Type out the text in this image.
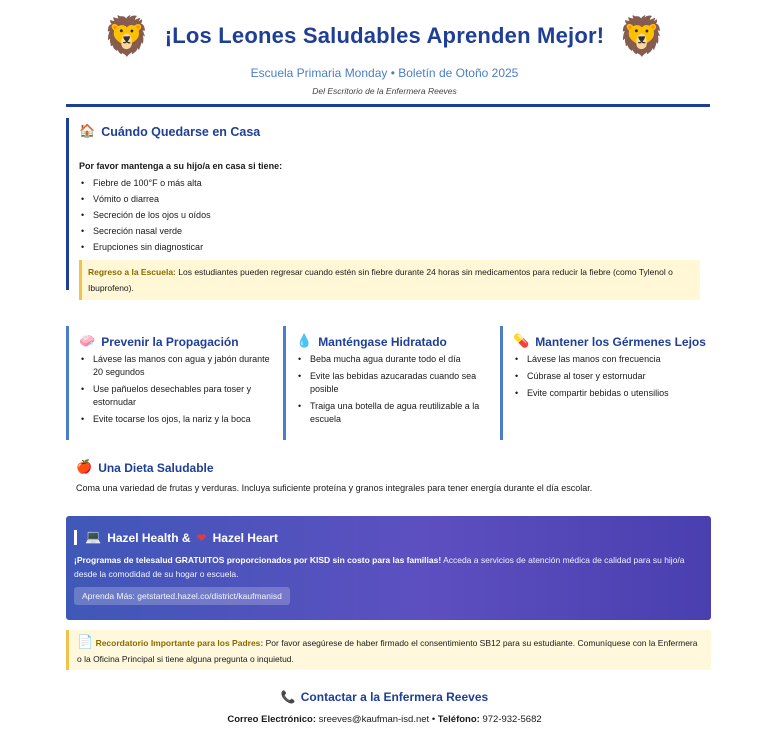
🦁 ¡Los Leones Saludables Aprenden Mejor! 🦁
Escuela Primaria Monday • Boletín de Otoño 2025
Del Escritorio de la Enfermera Reeves
🏠 Cuándo Quedarse en Casa
Por favor mantenga a su hijo/a en casa si tiene:
• Fiebre de 100°F o más alta
• Vómito o diarrea
• Secreción de los ojos u oídos
• Secreción nasal verde
• Erupciones sin diagnosticar
Regreso a la Escuela: Los estudiantes pueden regresar cuando estén sin fiebre durante 24 horas sin medicamentos para reducir la fiebre (como Tylenol o Ibuprofeno).
🧼 Prevenir la Propagación
• Lávese las manos con agua y jabón durante 20 segundos
• Use pañuelos desechables para toser y estornudar
• Evite tocarse los ojos, la nariz y la boca
💧 Manténgase Hidratado
• Beba mucha agua durante todo el día
• Evite las bebidas azucaradas cuando sea posible
• Traiga una botella de agua reutilizable a la escuela
💊 Mantener los Gérmenes Lejos
• Lávese las manos con frecuencia
• Cúbrase al toser y estornudar
• Evite compartir bebidas o utensilios
🍎 Una Dieta Saludable

Coma una variedad de frutas y verduras. Incluya suficiente proteína y granos integrales para tener energía durante el día escolar.

💻 Hazel Health & ❤ Hazel Heart

¡Programas de telesalud GRATUITOS proporcionados por KISD sin costo para las familias! Acceda a servicios de atención médica de calidad para su hijo/a desde la comodidad de su hogar o escuela.

Aprenda Más: getstarted.hazel.co/district/kaufmanisd
📄 Recordatorio Importante para los Padres: Por favor asegúrese de haber firmado el consentimiento SB12 para su estudiante. Comuníquese con la Enfermera o la Oficina Principal si tiene alguna pregunta o inquietud.
📞 Contactar a la Enfermera Reeves
Correo Electrónico: sreeves@kaufman-isd.net • Teléfono: 972-932-5682
